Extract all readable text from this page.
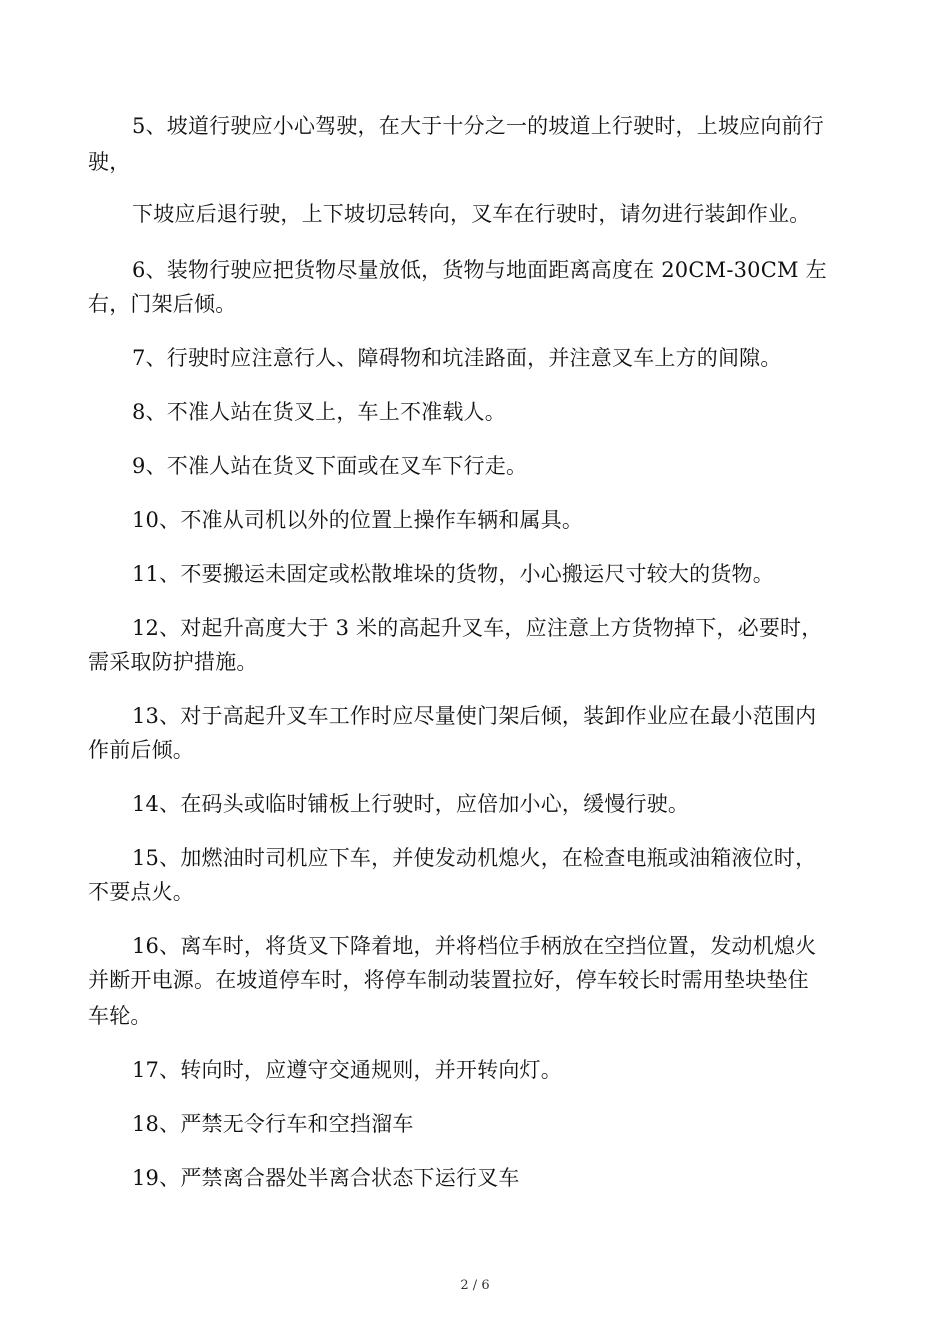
5、坡道行驶应小心驾驶，在大于十分之一的坡道上行驶时，上坡应向前行
驶，
下坡应后退行驶，上下坡切忌转向，叉车在行驶时，请勿进行装卸作业。
6、装物行驶应把货物尽量放低，货物与地面距离高度在 20CM-30CM 左
右，门架后倾。
7、行驶时应注意行人、障碍物和坑洼路面，并注意叉车上方的间隙。
8、不准人站在货叉上，车上不准载人。
9、不准人站在货叉下面或在叉车下行走。
10、不准从司机以外的位置上操作车辆和属具。
11、不要搬运未固定或松散堆垛的货物，小心搬运尺寸较大的货物。
12、对起升高度大于 3 米的高起升叉车，应注意上方货物掉下，必要时，
需采取防护措施。
13、对于高起升叉车工作时应尽量使门架后倾，装卸作业应在最小范围内
作前后倾。
14、在码头或临时铺板上行驶时，应倍加小心，缓慢行驶。
15、加燃油时司机应下车，并使发动机熄火，在检查电瓶或油箱液位时，
不要点火。
16、离车时，将货叉下降着地，并将档位手柄放在空挡位置，发动机熄火
并断开电源。在坡道停车时，将停车制动装置拉好，停车较长时需用垫块垫住
车轮。
17、转向时，应遵守交通规则，并开转向灯。
18、严禁无令行车和空挡溜车
19、严禁离合器处半离合状态下运行叉车
2 / 6
